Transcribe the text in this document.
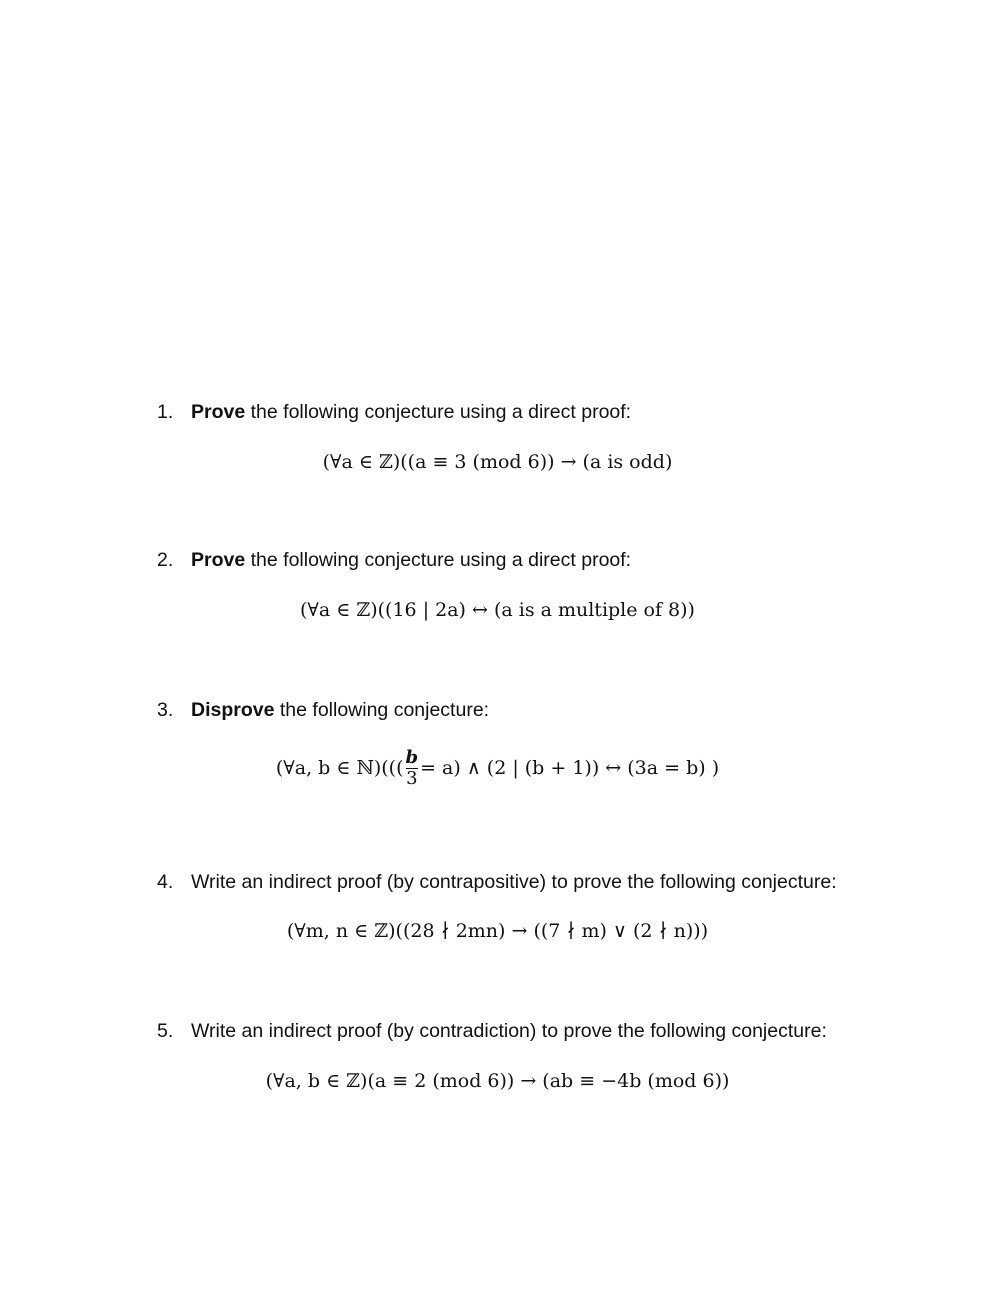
1. Prove the following conjecture using a direct proof:
(∀a ∈ ℤ)((a ≡ 3 (mod 6)) → (a is odd)
2. Prove the following conjecture using a direct proof:
(∀a ∈ ℤ)((16 | 2a) ↔ (a is a multiple of 8))
3. Disprove the following conjecture:
(∀a, b ∈ ℕ)((( $\frac{b}{3} = a$) ∧ (2 | (b + 1)) ↔ (3a = b) )
4. Write an indirect proof (by contrapositive) to prove the following conjecture:
(∀m, n ∈ ℤ)((28 ∤ 2mn) → ((7 ∤ m) ∨ (2 ∤ n)))
5. Write an indirect proof (by contradiction) to prove the following conjecture:
(∀a, b ∈ ℤ)(a ≡ 2 (mod 6)) → (ab ≡ −4b (mod 6))
